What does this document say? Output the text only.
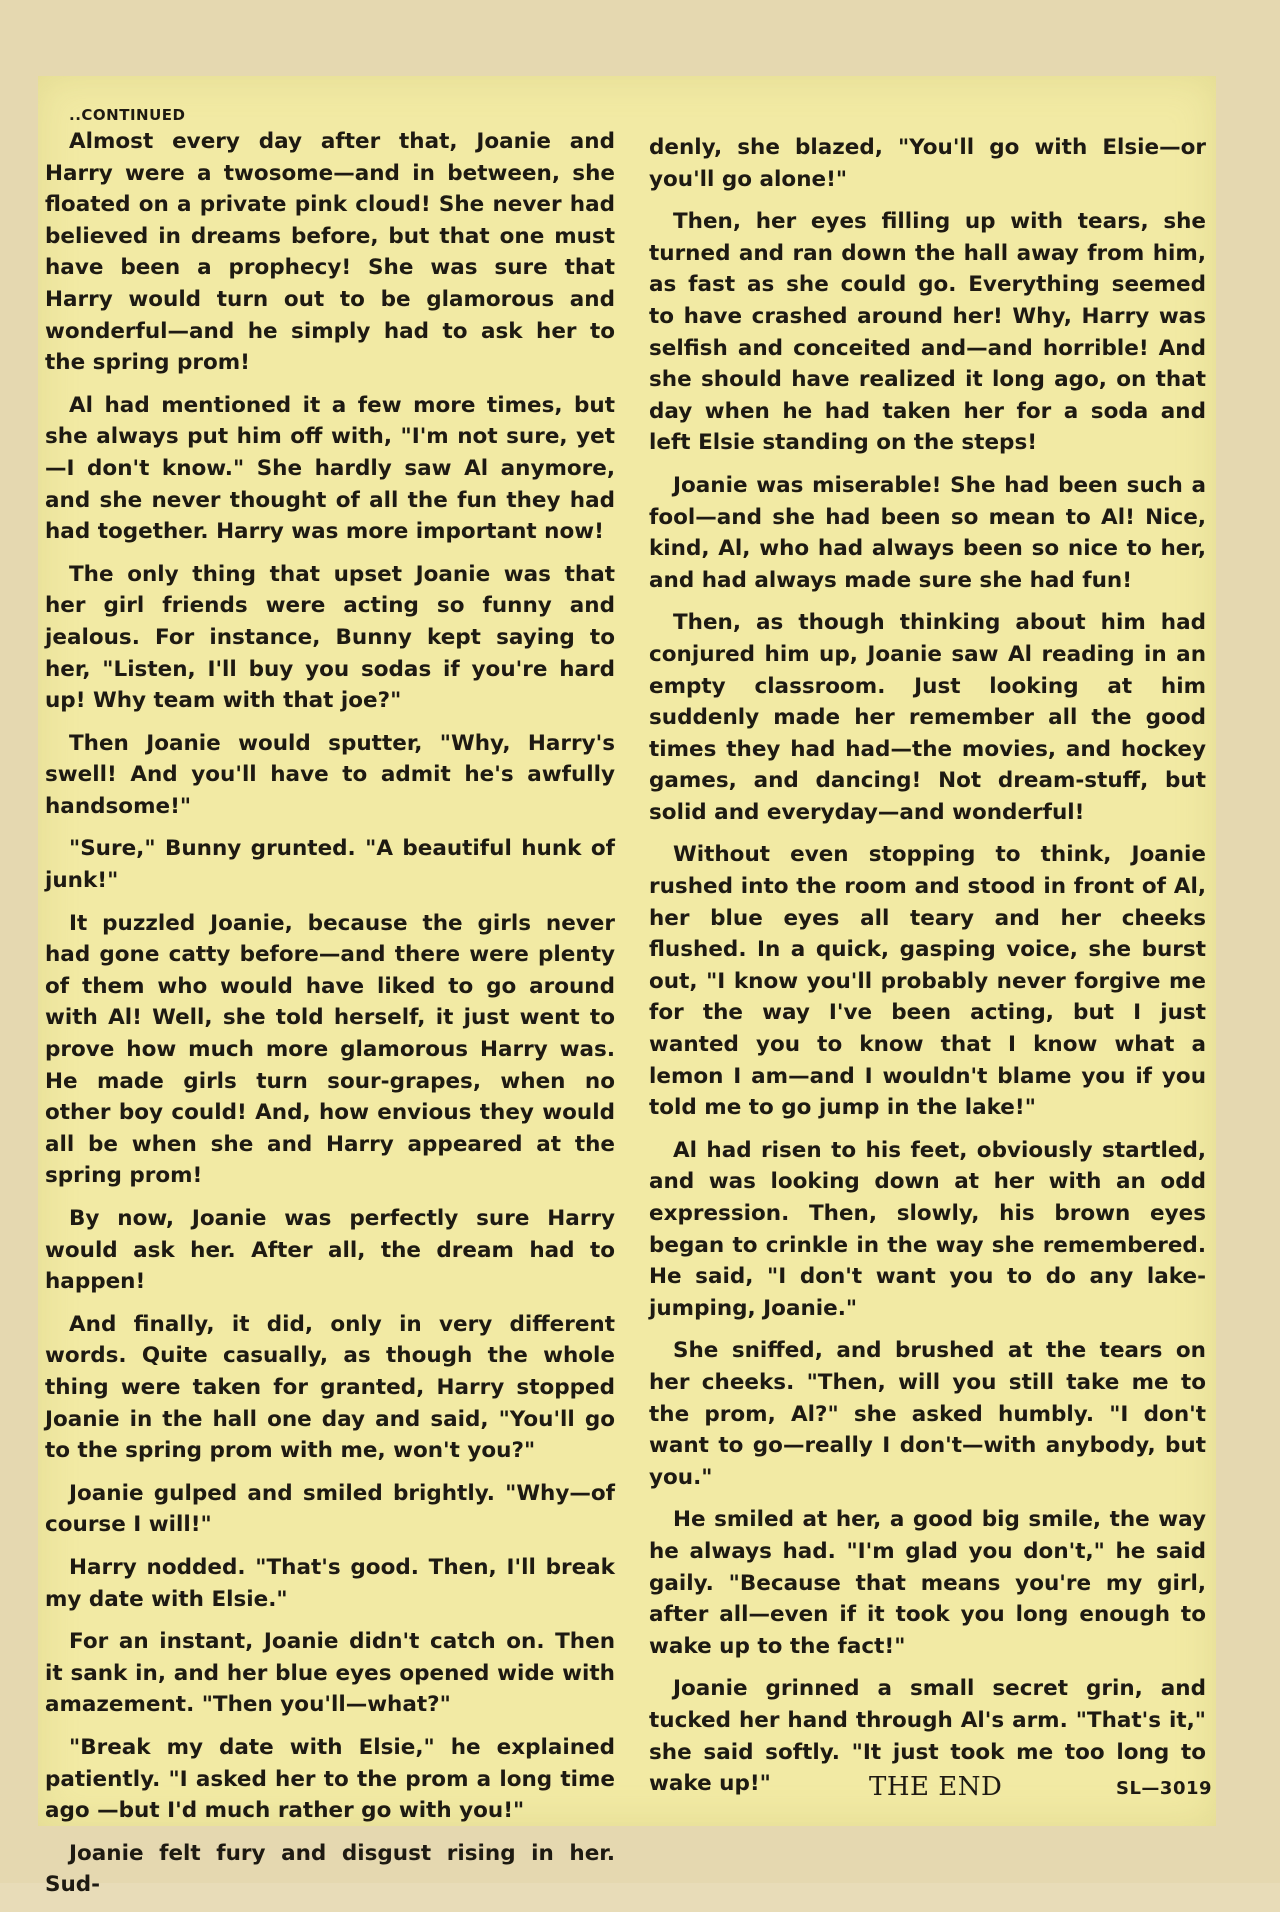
..CONTINUED

Almost every day after that, Joanie and Harry were a twosome—and in between, she floated on a private pink cloud! She never had believed in dreams before, but that one must have been a prophecy! She was sure that Harry would turn out to be glamorous and wonderful—and he simply had to ask her to the spring prom!

Al had mentioned it a few more times, but she always put him off with, "I'm not sure, yet—I don't know." She hardly saw Al anymore, and she never thought of all the fun they had had together. Harry was more important now!

The only thing that upset Joanie was that her girl friends were acting so funny and jealous. For instance, Bunny kept saying to her, "Listen, I'll buy you sodas if you're hard up! Why team with that joe?"

Then Joanie would sputter, "Why, Harry's swell! And you'll have to admit he's awfully handsome!"

"Sure," Bunny grunted. "A beautiful hunk of junk!"

It puzzled Joanie, because the girls never had gone catty before—and there were plenty of them who would have liked to go around with Al! Well, she told herself, it just went to prove how much more glamorous Harry was. He made girls turn sour-grapes, when no other boy could! And, how envious they would all be when she and Harry appeared at the spring prom!

By now, Joanie was perfectly sure Harry would ask her. After all, the dream had to happen!

And finally, it did, only in very different words. Quite casually, as though the whole thing were taken for granted, Harry stopped Joanie in the hall one day and said, "You'll go to the spring prom with me, won't you?"

Joanie gulped and smiled brightly. "Why—of course I will!"

Harry nodded. "That's good. Then, I'll break my date with Elsie."

For an instant, Joanie didn't catch on. Then it sank in, and her blue eyes opened wide with amazement. "Then you'll—what?"

"Break my date with Elsie," he explained patiently. "I asked her to the prom a long time ago —but I'd much rather go with you!"

Joanie felt fury and disgust rising in her. Sud-

denly, she blazed, "You'll go with Elsie—or you'll go alone!"

Then, her eyes filling up with tears, she turned and ran down the hall away from him, as fast as she could go. Everything seemed to have crashed around her! Why, Harry was selfish and conceited and—and horrible! And she should have realized it long ago, on that day when he had taken her for a soda and left Elsie standing on the steps!

Joanie was miserable! She had been such a fool—and she had been so mean to Al! Nice, kind, Al, who had always been so nice to her, and had always made sure she had fun!

Then, as though thinking about him had conjured him up, Joanie saw Al reading in an empty classroom. Just looking at him suddenly made her remember all the good times they had had—the movies, and hockey games, and dancing! Not dream-stuff, but solid and everyday—and wonderful!

Without even stopping to think, Joanie rushed into the room and stood in front of Al, her blue eyes all teary and her cheeks flushed. In a quick, gasping voice, she burst out, "I know you'll probably never forgive me for the way I've been acting, but I just wanted you to know that I know what a lemon I am—and I wouldn't blame you if you told me to go jump in the lake!"

Al had risen to his feet, obviously startled, and was looking down at her with an odd expression. Then, slowly, his brown eyes began to crinkle in the way she remembered. He said, "I don't want you to do any lake-jumping, Joanie."

She sniffed, and brushed at the tears on her cheeks. "Then, will you still take me to the prom, Al?" she asked humbly. "I don't want to go—really I don't—with anybody, but you."

He smiled at her, a good big smile, the way he always had. "I'm glad you don't," he said gaily. "Because that means you're my girl, after all—even if it took you long enough to wake up to the fact!"

Joanie grinned a small secret grin, and tucked her hand through Al's arm. "That's it," she said softly. "It just took me too long to wake up!"	THE END	SL—3019
